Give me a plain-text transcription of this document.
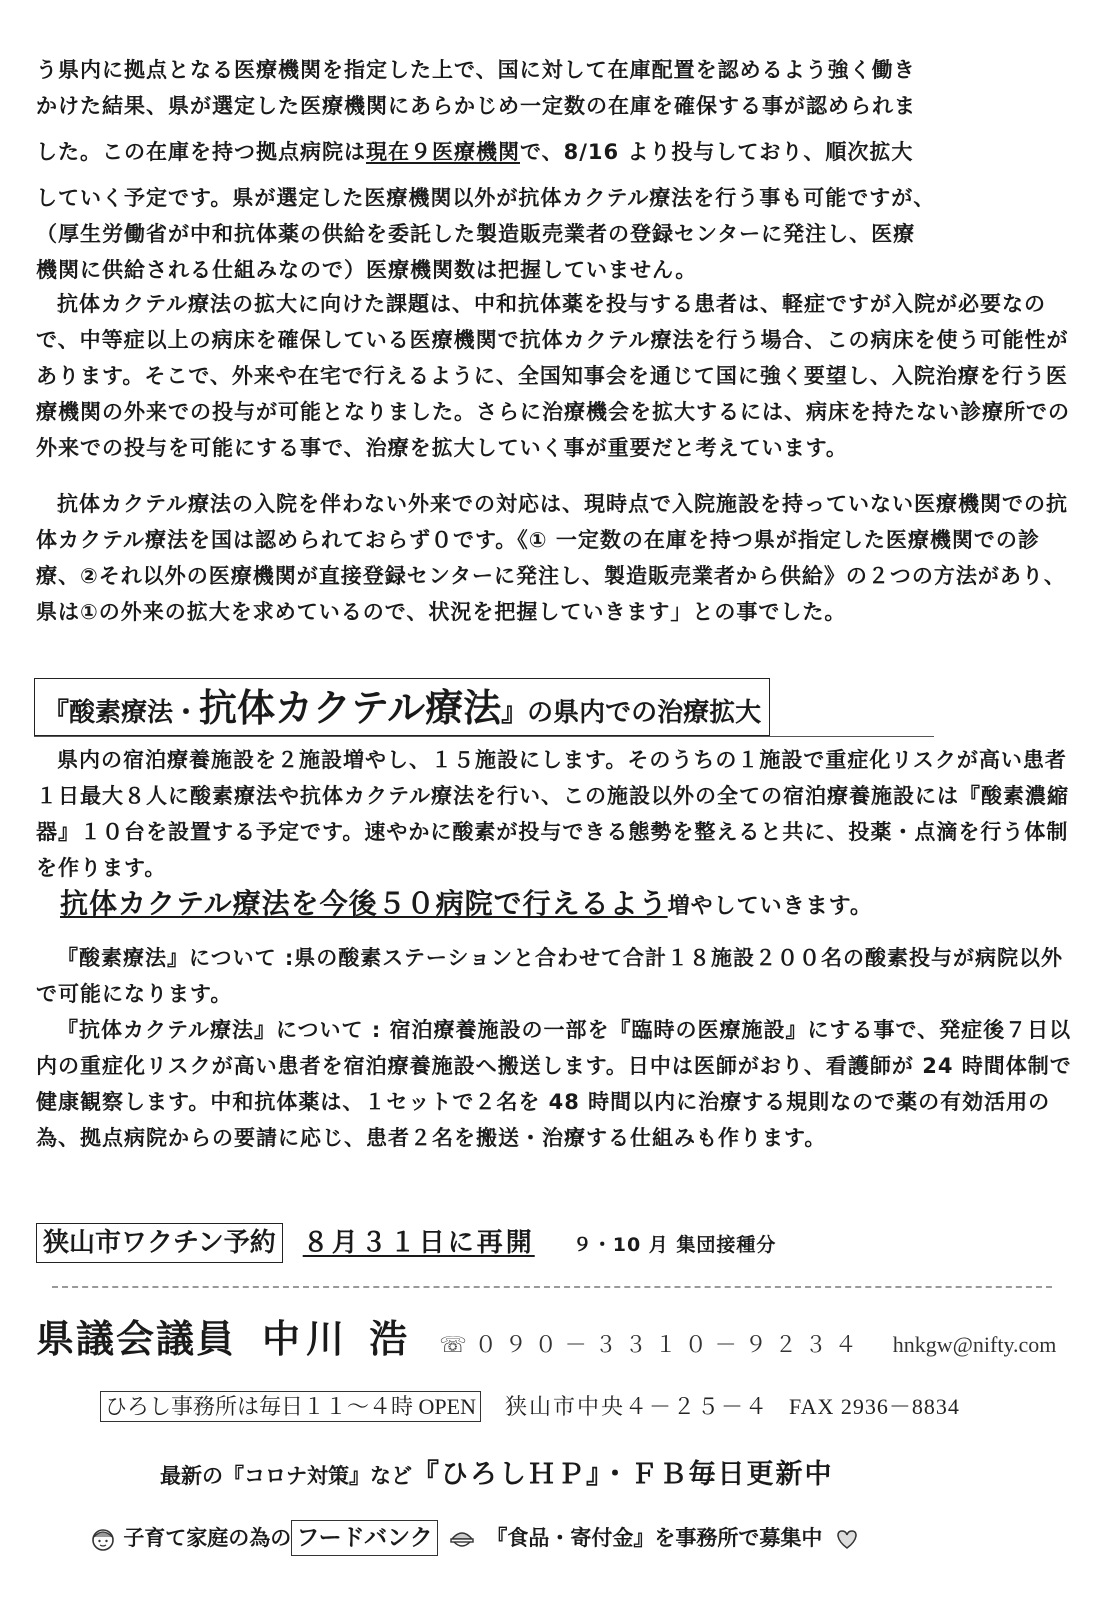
う県内に拠点となる医療機関を指定した上で、国に対して在庫配置を認めるよう強く働き

かけた結果、県が選定した医療機関にあらかじめ一定数の在庫を確保する事が認められま

した。この在庫を持つ拠点病院は現在９医療機関で、8/16 より投与しており、順次拡大

していく予定です。県が選定した医療機関以外が抗体カクテル療法を行う事も可能ですが、

（厚生労働省が中和抗体薬の供給を委託した製造販売業者の登録センターに発注し、医療

機関に供給される仕組みなので）医療機関数は把握していません。

抗体カクテル療法の拡大に向けた課題は、中和抗体薬を投与する患者は、軽症ですが入院が必要なので、中等症以上の病床を確保している医療機関で抗体カクテル療法を行う場合、この病床を使う可能性があります。そこで、外来や在宅で行えるように、全国知事会を通じて国に強く要望し、入院治療を行う医療機関の外来での投与が可能となりました。さらに治療機会を拡大するには、病床を持たない診療所での外来での投与を可能にする事で、治療を拡大していく事が重要だと考えています。
抗体カクテル療法の入院を伴わない外来での対応は、現時点で入院施設を持っていない医療機関での抗体カクテル療法を国は認められておらず０です。《① 一定数の在庫を持つ県が指定した医療機関での診療、②それ以外の医療機関が直接登録センターに発注し、製造販売業者から供給》の２つの方法があり、県は①の外来の拡大を求めているので、状況を把握していきます」との事でした。
『酸素療法・抗体カクテル療法』の県内での治療拡大
県内の宿泊療養施設を２施設増やし、１５施設にします。そのうちの１施設で重症化リスクが高い患者１日最大８人に酸素療法や抗体カクテル療法を行い、この施設以外の全ての宿泊療養施設には『酸素濃縮器』１０台を設置する予定です。速やかに酸素が投与できる態勢を整えると共に、投薬・点滴を行う体制を作ります。
抗体カクテル療法を今後５０病院で行えるよう増やしていきます。
『酸素療法』について :県の酸素ステーションと合わせて合計１８施設２００名の酸素投与が病院以外で可能になります。
『抗体カクテル療法』について : 宿泊療養施設の一部を『臨時の医療施設』にする事で、発症後７日以内の重症化リスクが高い患者を宿泊療養施設へ搬送します。日中は医師がおり、看護師が 24 時間体制で健康観察します。中和抗体薬は、１セットで２名を 48 時間以内に治療する規則なので薬の有効活用の為、拠点病院からの要請に応じ、患者２名を搬送・治療する仕組みも作ります。
狭山市ワクチン予約 ８月３１日に再開 ９・10 月 集団接種分
県議会議員 中川 浩 ☏０９０－３３１０－９２３４ hnkgw@nifty.com
ひろし事務所は毎日１１～４時 OPEN 狭山市中央４－２５－４ FAX 2936－8834
最新の『コロナ対策』など『ひろしＨＰ』・ＦＢ毎日更新中
子育て家庭の為の フードバンク	『食品・寄付金』を事務所で募集中
